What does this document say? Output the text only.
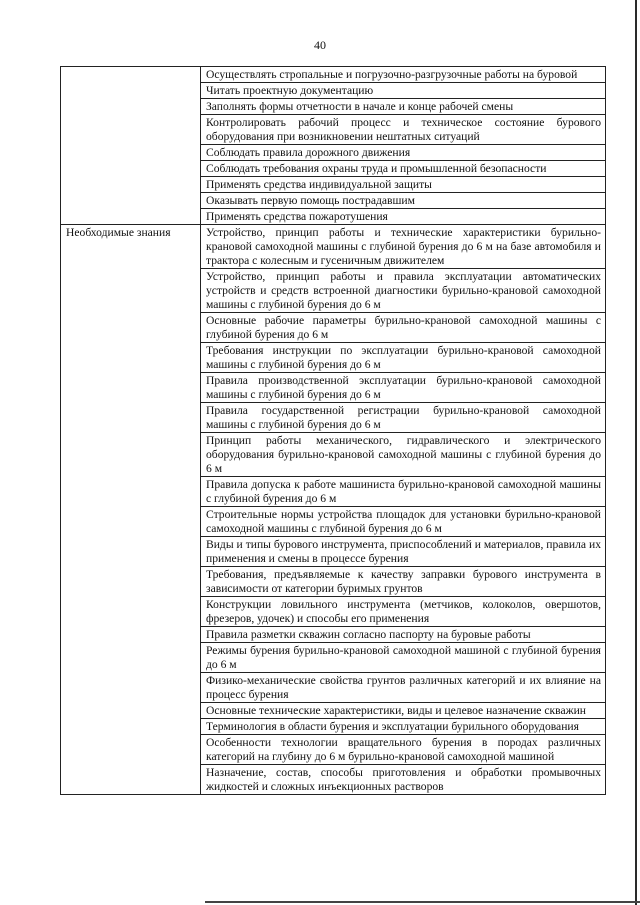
40
	Осуществлять стропальные и погрузочно-разгрузочные работы на буровой
	Читать проектную документацию
	Заполнять формы отчетности в начале и конце рабочей смены
	Контролировать рабочий процесс и техническое состояние бурового оборудования при возникновении нештатных ситуаций
	Соблюдать правила дорожного движения
	Соблюдать требования охраны труда и промышленной безопасности
	Применять средства индивидуальной защиты
	Оказывать первую помощь пострадавшим
	Применять средства пожаротушения
Необходимые знания	Устройство, принцип работы и технические характеристики бурильно-крановой самоходной машины с глубиной бурения до 6 м на базе автомобиля и трактора с колесным и гусеничным движителем
	Устройство, принцип работы и правила эксплуатации автоматических устройств и средств встроенной диагностики бурильно-крановой самоходной машины с глубиной бурения до 6 м
	Основные рабочие параметры бурильно-крановой самоходной машины с глубиной бурения до 6 м
	Требования инструкции по эксплуатации бурильно-крановой самоходной машины с глубиной бурения до 6 м
	Правила производственной эксплуатации бурильно-крановой самоходной машины с глубиной бурения до 6 м
	Правила государственной регистрации бурильно-крановой самоходной машины с глубиной бурения до 6 м
	Принцип работы механического, гидравлического и электрического оборудования бурильно-крановой самоходной машины с глубиной бурения до 6 м
	Правила допуска к работе машиниста бурильно-крановой самоходной машины с глубиной бурения до 6 м
	Строительные нормы устройства площадок для установки бурильно-крановой самоходной машины с глубиной бурения до 6 м
	Виды и типы бурового инструмента, приспособлений и материалов, правила их применения и смены в процессе бурения
	Требования, предъявляемые к качеству заправки бурового инструмента в зависимости от категории буримых грунтов
	Конструкции ловильного инструмента (метчиков, колоколов, овершотов, фрезеров, удочек) и способы его применения
	Правила разметки скважин согласно паспорту на буровые работы
	Режимы бурения бурильно-крановой самоходной машиной с глубиной бурения до 6 м
	Физико-механические свойства грунтов различных категорий и их влияние на процесс бурения
	Основные технические характеристики, виды и целевое назначение скважин
	Терминология в области бурения и эксплуатации бурильного оборудования
	Особенности технологии вращательного бурения в породах различных категорий на глубину до 6 м бурильно-крановой самоходной машиной
	Назначение, состав, способы приготовления и обработки промывочных жидкостей и сложных инъекционных растворов
